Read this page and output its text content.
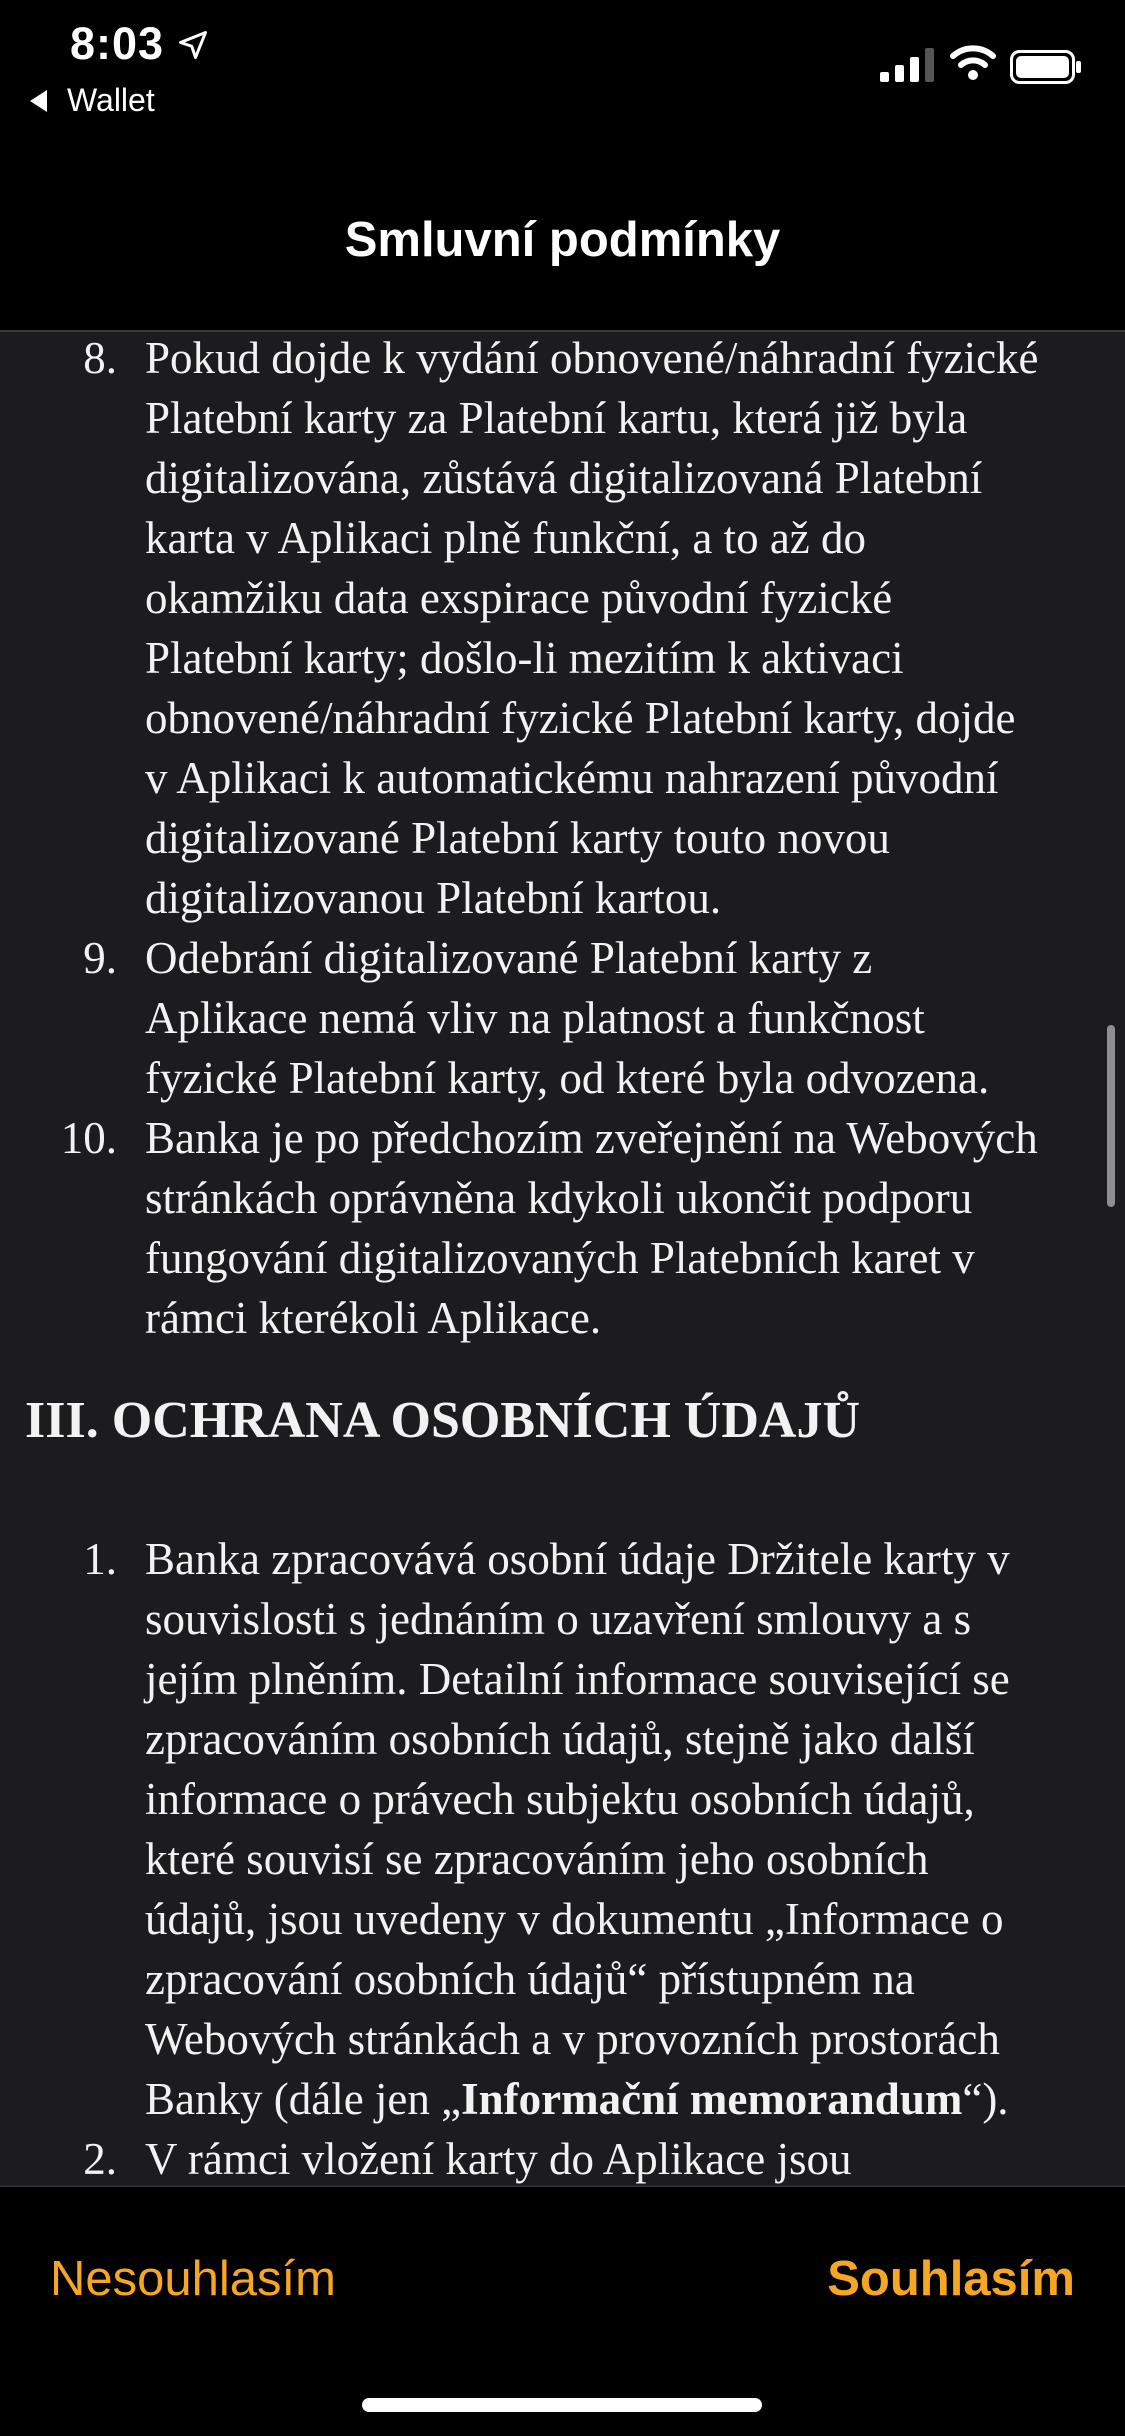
8:03
Wallet
Smluvní podmínky
8. Pokud dojde k vydání obnovené/náhradní fyzické
Platební karty za Platební kartu, která již byla
digitalizována, zůstává digitalizovaná Platební
karta v Aplikaci plně funkční, a to až do
okamžiku data exspirace původní fyzické
Platební karty; došlo-li mezitím k aktivaci
obnovené/náhradní fyzické Platební karty, dojde
v Aplikaci k automatickému nahrazení původní
digitalizované Platební karty touto novou
digitalizovanou Platební kartou.
9. Odebrání digitalizované Platební karty z
Aplikace nemá vliv na platnost a funkčnost
fyzické Platební karty, od které byla odvozena.
10. Banka je po předchozím zveřejnění na Webových
stránkách oprávněna kdykoli ukončit podporu
fungování digitalizovaných Platebních karet v
rámci kterékoli Aplikace.
III. OCHRANA OSOBNÍCH ÚDAJŮ
1. Banka zpracovává osobní údaje Držitele karty v
souvislosti s jednáním o uzavření smlouvy a s
jejím plněním. Detailní informace související se
zpracováním osobních údajů, stejně jako další
informace o právech subjektu osobních údajů,
které souvisí se zpracováním jeho osobních
údajů, jsou uvedeny v dokumentu „Informace o
zpracování osobních údajů“ přístupném na
Webových stránkách a v provozních prostorách
Banky (dále jen „Informační memorandum“).
2. V rámci vložení karty do Aplikace jsou
Nesouhlasím	Souhlasím
